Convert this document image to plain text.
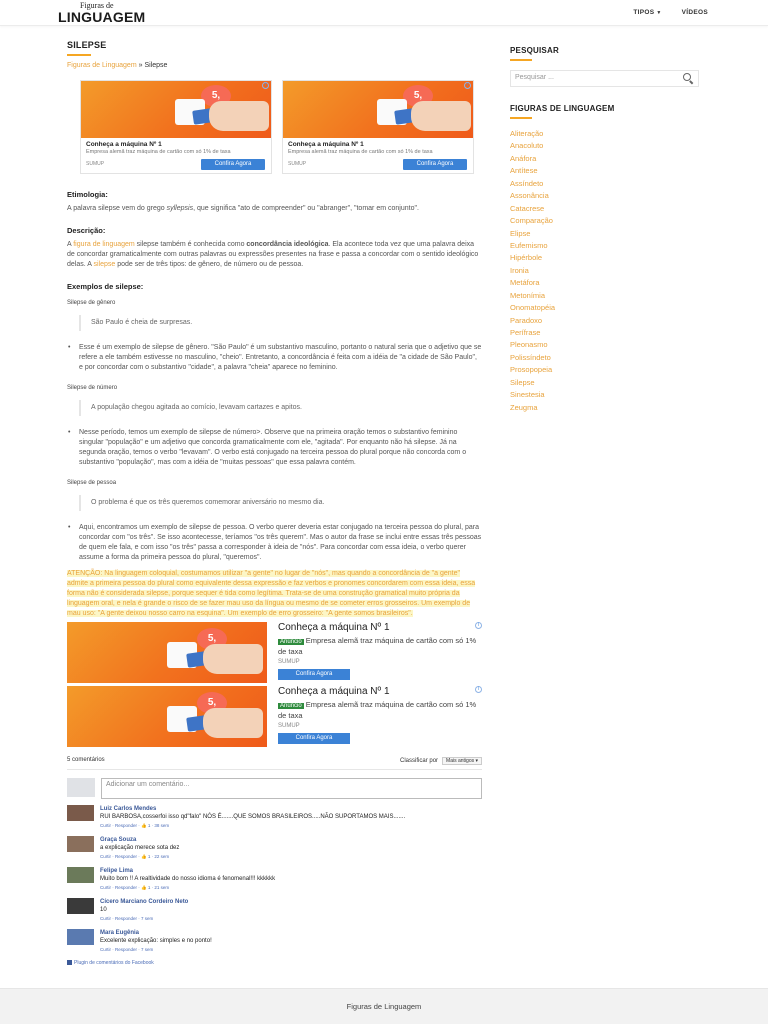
Figuras de
LINGUAGEM	TIPOS ▼	VÍDEOS
SILEPSE
Figuras de Linguagem » Silepse
5,
i
Conheça a máquina Nº 1
Empresa alemã traz máquina de cartão com só 1% de taxa
SUMUP	Confira Agora
5,
i
Conheça a máquina Nº 1
Empresa alemã traz máquina de cartão com só 1% de taxa
SUMUP	Confira Agora
Etimologia:
A palavra silepse vem do grego syllepsis, que significa "ato de compreender" ou "abranger", "tomar em conjunto".
Descrição:
A figura de linguagem silepse também é conhecida como concordância ideológica. Ela acontece toda vez que uma palavra deixa de concordar gramaticalmente com outras palavras ou expressões presentes na frase e passa a concordar com o sentido ideológico delas. A silepse pode ser de três tipos: de gênero, de número ou de pessoa.
Exemplos de silepse:
Silepse de gênero
São Paulo é cheia de surpresas.
•	Esse é um exemplo de silepse de gênero. "São Paulo" é um substantivo masculino, portanto o natural seria que o adjetivo que se refere a ele também estivesse no masculino, "cheio". Entretanto, a concordância é feita com a idéia de "a cidade de São Paulo", e por concordar com o substantivo "cidade", a palavra "cheia" aparece no feminino.
Silepse de número
A população chegou agitada ao comício, levavam cartazes e apitos.
•	Nesse período, temos um exemplo de silepse de número>. Observe que na primeira oração temos o substantivo feminino singular "população" e um adjetivo que concorda gramaticalmente com ele, "agitada". Por enquanto não há silepse. Já na segunda oração, temos o verbo "levavam". O verbo está conjugado na terceira pessoa do plural porque não concorda com o substantivo "população", mas com a idéia de "muitas pessoas" que essa palavra contém.
Silepse de pessoa
O problema é que os três queremos comemorar aniversário no mesmo dia.
•	Aqui, encontramos um exemplo de silepse de pessoa. O verbo querer deveria estar conjugado na terceira pessoa do plural, para concordar com "os três". Se isso acontecesse, teríamos "os três querem". Mas o autor da frase se inclui entre essas três pessoas de quem ele fala, e com isso "os três" passa a corresponder à ideia de "nós". Para concordar com essa ideia, o verbo querer assume a forma da primeira pessoa do plural, "queremos".
ATENÇÃO: Na linguagem coloquial, costumamos utilizar "a gente" no lugar de "nós", mas quando a concordância de "a gente" admite a primeira pessoa do plural como equivalente dessa expressão e faz verbos e pronomes concordarem com essa ideia, essa forma não é considerada silepse, porque sequer é tida como legítima. Trata-se de uma construção gramatical muito própria da linguagem oral, e nela é grande o risco de se fazer mau uso da língua ou mesmo de se cometer erros grosseiros. Um exemplo de mau uso: "A gente deixou nosso carro na esquina". Um exemplo de erro grosseiro: "A gente somos brasileiros".
5,
Conheça a máquina Nº 1
Anúncio Empresa alemã traz máquina de cartão com só 1% de taxa
SUMUP
Confira Agora
i
5,
Conheça a máquina Nº 1
Anúncio Empresa alemã traz máquina de cartão com só 1% de taxa
SUMUP
Confira Agora
i
5 comentários	Classificar por	Mais antigos ▾
Adicionar um comentário...
Luiz Carlos Mendes
RUI BARBOSA,cosserfoi isso qd"falo" NÓS É.......QUE SOMOS BRASILEIROS.....NÃO SUPORTAMOS MAIS.......
Curtir · Responder · 👍 1 · 38 sem
Graça Souza
a explicação merece sota dez
Curtir · Responder · 👍 1 · 22 sem
Felipe Lima
Muito bom !! A realtividade do nosso idioma é fenomenal!!! kkkkkk
Curtir · Responder · 👍 1 · 21 sem
Cícero Marciano Cordeiro Neto
10
Curtir · Responder · 7 sem
Mara Eugênia
Excelente explicação: simples e no ponto!
Curtir · Responder · 7 sem
Plugin de comentários do Facebook
PESQUISAR
Pesquisar ...
FIGURAS DE LINGUAGEM
Aliteração
Anacoluto
Anáfora
Antítese
Assíndeto
Assonância
Catacrese
Comparação
Elipse
Eufemismo
Hipérbole
Ironia
Metáfora
Metonímia
Onomatopéia
Paradoxo
Perífrase
Pleonasmo
Polissíndeto
Prosopopeia
Silepse
Sinestesia
Zeugma
Figuras de Linguagem
